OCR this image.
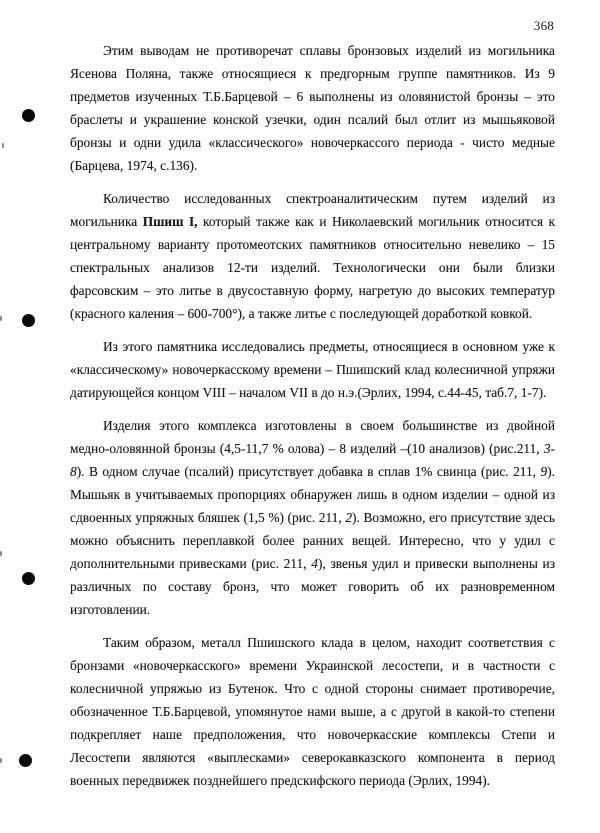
368

Этим выводам не противоречат сплавы бронзовых изделий из могильника Ясенова Поляна, также относящиеся к предгорным группе памятников. Из 9 предметов изученных Т.Б.Барцевой – 6 выполнены из оловянистой бронзы – это браслеты и украшение конской узечки, один псалий был отлит из мышьяковой бронзы и одни удила «классического» новочеркассого периода - чисто медные (Барцева, 1974, с.136).

Количество исследованных спектроаналитическим путем изделий из могильника Пшиш I, который также как и Николаевский могильник относится к центральному варианту протомеотских памятников относительно невелико – 15 спектральных анализов 12-ти изделий. Технологически они были близки фарсовским – это литье в двусоставную форму, нагретую до высоких температур (красного каления – 600-700°), а также литье с последующей доработкой ковкой.

Из этого памятника исследовались предметы, относящиеся в основном уже к «классическому» новочеркасскому времени – Пшишский клад колесничной упряжи датирующейся концом VIII – началом VII в до н.э.(Эрлих, 1994, с.44-45, таб.7, 1-7).

Изделия этого комплекса изготовлены в своем большинстве из двойной медно-оловянной бронзы (4,5-11,7 % олова) – 8 изделий –(10 анализов) (рис.211, 3-8). В одном случае (псалий) присутствует добавка в сплав 1% свинца (рис. 211, 9). Мышьяк в учитываемых пропорциях обнаружен лишь в одном изделии – одной из сдвоенных упряжных бляшек (1,5 %) (рис. 211, 2). Возможно, его присутствие здесь можно объяснить переплавкой более ранних вещей. Интересно, что у удил с дополнительными привесками (рис. 211, 4), звенья удил и привески выполнены из различных по составу бронз, что может говорить об их разновременном изготовлении.

Таким образом, металл Пшишского клада в целом, находит соответствия с бронзами «новочеркасского» времени Украинской лесостепи, и в частности с колесничной упряжью из Бутенок. Что с одной стороны снимает противоречие, обозначенное Т.Б.Барцевой, упомянутое нами выше, а с другой в какой-то степени подкрепляет наше предположения, что новочеркасские комплексы Степи и Лесостепи являются «выплесками» северокавказского компонента в период военных передвижек позднейшего предскифского периода (Эрлих, 1994).
